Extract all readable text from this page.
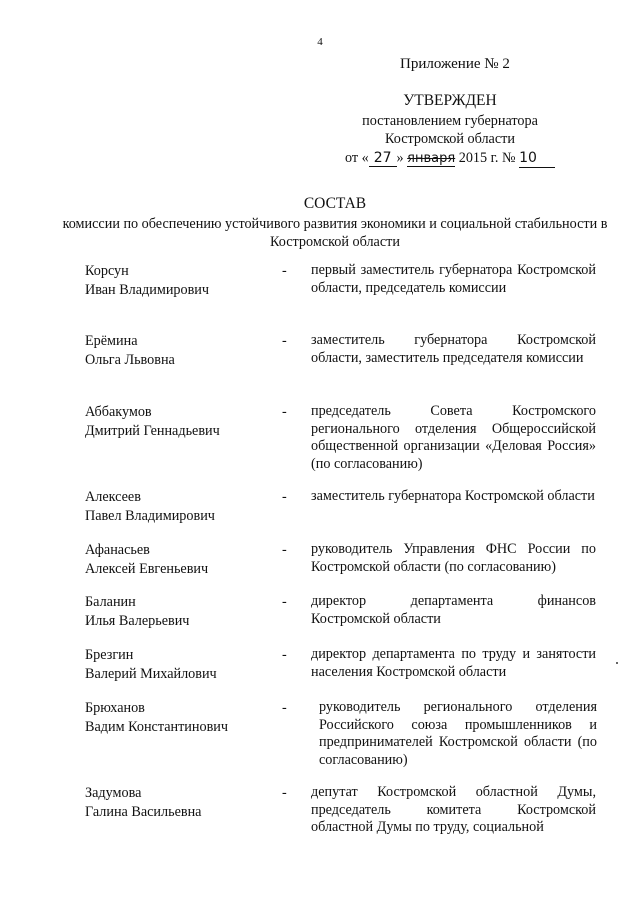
4
Приложение № 2
УТВЕРЖДЕН
постановлением губернатора
Костромской области
от « 27 » января 2015 г. № 10
СОСТАВ
комиссии по обеспечению устойчивого развития экономики и социальной стабильности в Костромской области
Корсун
Иван Владимирович
- первый заместитель губернатора Костромской области, председатель комиссии
Ерёмина
Ольга Львовна
- заместитель губернатора Костромской области, заместитель председателя комиссии
Аббакумов
Дмитрий Геннадьевич
- председатель Совета Костромского регионального отделения Общероссийской общественной организации «Деловая Россия» (по согласованию)
Алексеев
Павел Владимирович
- заместитель губернатора Костромской области
Афанасьев
Алексей Евгеньевич
- руководитель Управления ФНС России по Костромской области (по согласованию)
Баланин
Илья Валерьевич
- директор департамента финансов Костромской области
Брезгин
Валерий Михайлович
- директор департамента по труду и занятости населения Костромской области
Брюханов
Вадим Константинович
- руководитель регионального отделения Российского союза промышленников и предпринимателей Костромской области (по согласованию)
Задумова
Галина Васильевна
- депутат Костромской областной Думы, председатель комитета Костромской областной Думы по труду, социальной
